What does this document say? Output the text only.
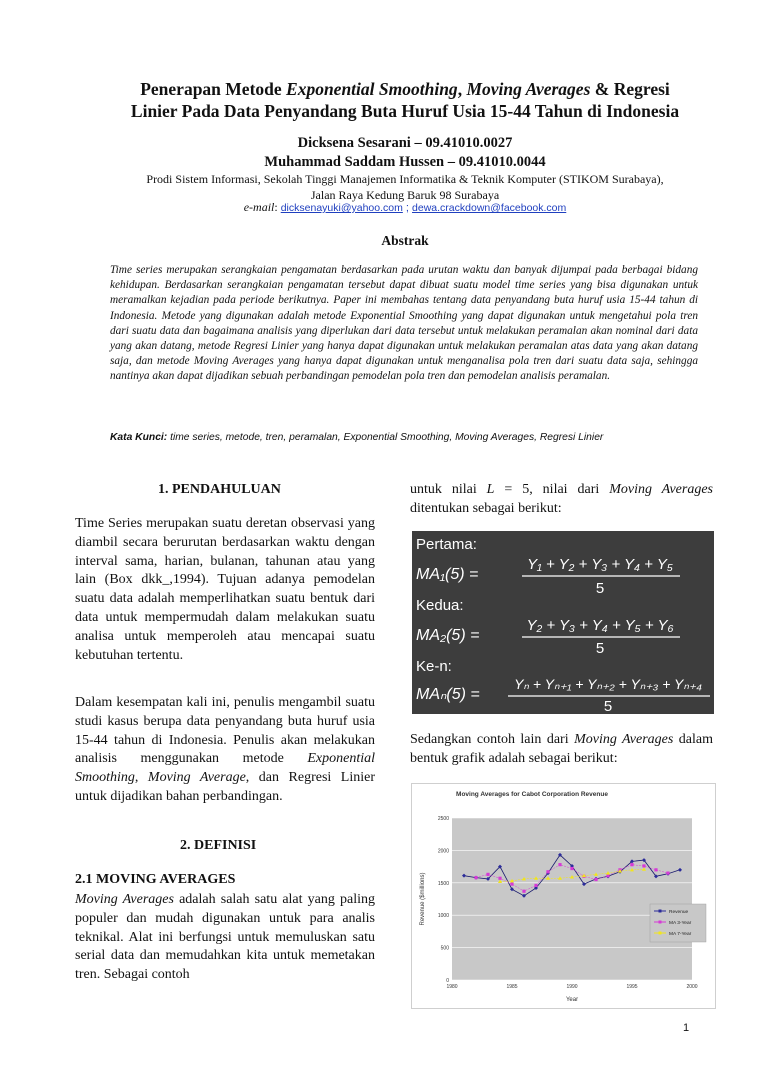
Penerapan Metode Exponential Smoothing, Moving Averages & Regresi
Linier Pada Data Penyandang Buta Huruf Usia 15-44 Tahun di Indonesia
Dicksena Sesarani – 09.41010.0027
Muhammad Saddam Hussen – 09.41010.0044
Prodi Sistem Informasi, Sekolah Tinggi Manajemen Informatika & Teknik Komputer (STIKOM Surabaya),
Jalan Raya Kedung Baruk 98 Surabaya
e-mail: dicksenayuki@yahoo.com ; dewa.crackdown@facebook.com
Abstrak
Time series merupakan serangkaian pengamatan berdasarkan pada urutan waktu dan banyak dijumpai pada berbagai bidang kehidupan. Berdasarkan serangkaian pengamatan tersebut dapat dibuat suatu model time series yang bisa digunakan untuk meramalkan kejadian pada periode berikutnya. Paper ini membahas tentang data penyandang buta huruf usia 15-44 tahun di Indonesia. Metode yang digunakan adalah metode Exponential Smoothing yang dapat digunakan untuk mengetahui pola tren dari suatu data dan bagaimana analisis yang diperlukan dari data tersebut untuk melakukan peramalan akan nominal dari data yang akan datang, metode Regresi Linier yang hanya dapat digunakan untuk melakukan peramalan atas data yang akan datang saja, dan metode Moving Averages yang hanya dapat digunakan untuk menganalisa pola tren dari suatu data saja, sehingga nantinya akan dapat dijadikan sebuah perbandingan pemodelan pola tren dan pemodelan analisis peramalan.
Kata Kunci: time series, metode, tren, peramalan, Exponential Smoothing, Moving Averages, Regresi Linier
1. PENDAHULUAN
Time Series merupakan suatu deretan observasi yang diambil secara berurutan berdasarkan waktu dengan interval sama, harian, bulanan, tahunan atau yang lain (Box dkk_,1994). Tujuan adanya pemodelan suatu data adalah memperlihatkan suatu bentuk dari data untuk mempermudah dalam melakukan suatu analisa untuk memperoleh atau mencapai suatu kebutuhan tertentu.
Dalam kesempatan kali ini, penulis mengambil suatu studi kasus berupa data penyandang buta huruf usia 15-44 tahun di Indonesia. Penulis akan melakukan analisis menggunakan metode Exponential Smoothing, Moving Average, dan Regresi Linier untuk dijadikan bahan perbandingan.
2. DEFINISI
2.1 MOVING AVERAGES
Moving Averages adalah salah satu alat yang paling populer dan mudah digunakan untuk para analis teknikal. Alat ini berfungsi untuk memuluskan satu serial data dan memudahkan kita untuk memetakan tren. Sebagai contoh
untuk nilai L = 5, nilai dari Moving Averages ditentukan sebagai berikut:
Pertama:
MA₁(5) =
Y₁ + Y₂ + Y₃ + Y₄ + Y₅
5
Kedua:
MA₂(5) =
Y₂ + Y₃ + Y₄ + Y₅ + Y₆
5
Ke-n:
MAₙ(5) =
Yₙ + Yₙ₊₁ + Yₙ₊₂ + Yₙ₊₃ + Yₙ₊₄
5
Sedangkan contoh lain dari Moving Averages dalam bentuk grafik adalah sebagai berikut:
Moving Averages for Cabot Corporation Revenue
0
500
1000
1500
2000
2500
1980	1985	1990	1995	2000
Revenue ($millions)
Year
Revenue
MA 3-Year
MA 7-Year
1
